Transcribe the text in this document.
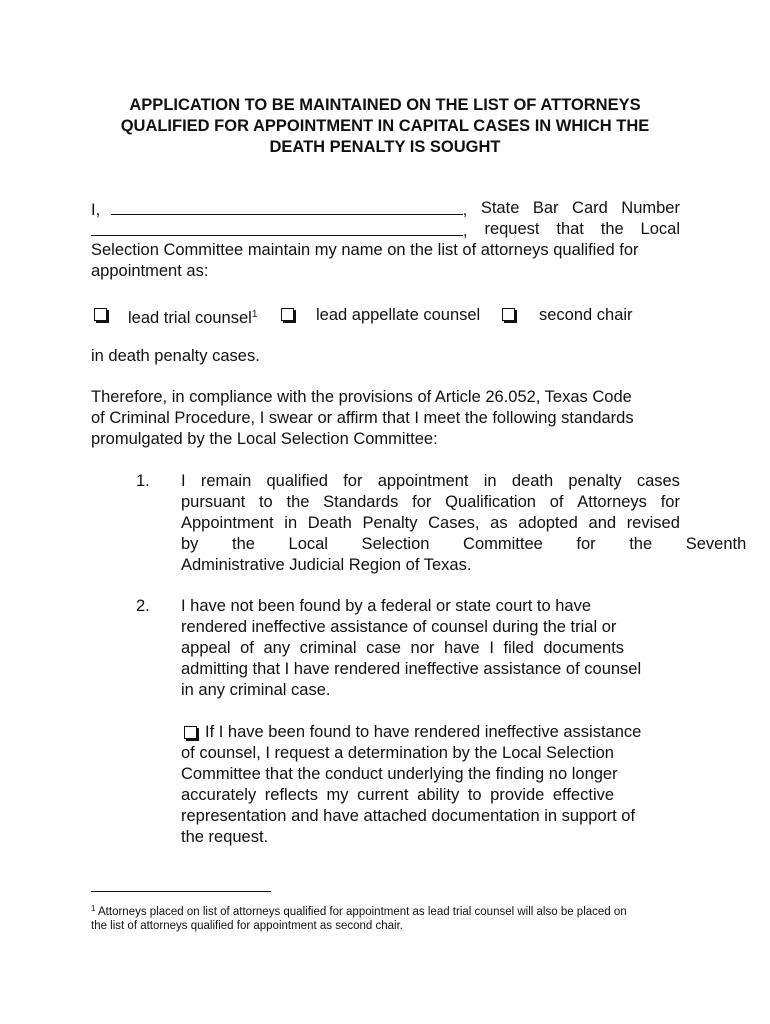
APPLICATION TO BE MAINTAINED ON THE LIST OF ATTORNEYS
QUALIFIED FOR APPOINTMENT IN CAPITAL CASES IN WHICH THE
DEATH PENALTY IS SOUGHT
I,	, State Bar Card Number
, request that the Local
Selection Committee maintain my name on the list of attorneys qualified for
appointment as:
lead trial counsel$^1$	lead appellate counsel	second chair
in death penalty cases.
Therefore, in compliance with the provisions of Article 26.052, Texas Code
of Criminal Procedure, I swear or affirm that I meet the following standards
promulgated by the Local Selection Committee:
1.	I remain qualified for appointment in death penalty cases
pursuant to the Standards for Qualification of Attorneys for
Appointment in Death Penalty Cases, as adopted and revised
by the Local Selection Committee for the Seventh
Administrative Judicial Region of Texas.
2.	I have not been found by a federal or state court to have
rendered ineffective assistance of counsel during the trial or
appeal of any criminal case nor have I filed documents
admitting that I have rendered ineffective assistance of counsel
in any criminal case.
If I have been found to have rendered ineffective assistance
of counsel, I request a determination by the Local Selection
Committee that the conduct underlying the finding no longer
accurately reflects my current ability to provide effective
representation and have attached documentation in support of
the request.
$^1$ Attorneys placed on list of attorneys qualified for appointment as lead trial counsel will also be placed on
the list of attorneys qualified for appointment as second chair.
